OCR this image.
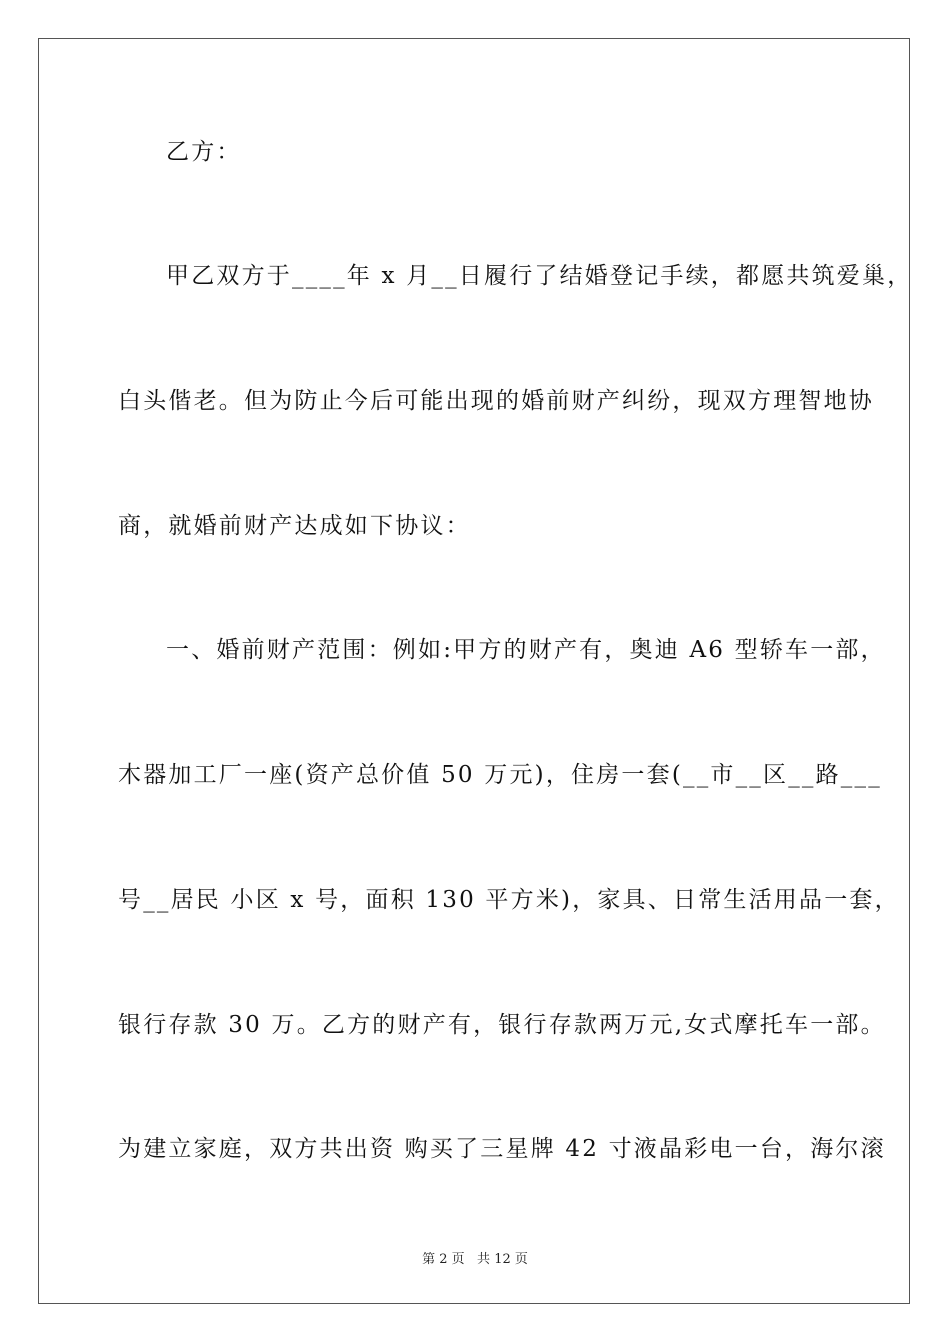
乙方：
甲乙双方于____年 x 月__日履行了结婚登记手续，都愿共筑爱巢，
白头偕老。但为防止今后可能出现的婚前财产纠纷，现双方理智地协
商，就婚前财产达成如下协议：
一、婚前财产范围：例如:甲方的财产有，奥迪 A6 型轿车一部，
木器加工厂一座(资产总价值 50 万元)，住房一套(__市__区__路___
号__居民 小区 x 号，面积 130 平方米)，家具、日常生活用品一套，
银行存款 30 万。乙方的财产有，银行存款两万元,女式摩托车一部。
为建立家庭，双方共出资 购买了三星牌 42 寸液晶彩电一台，海尔滚
第 2 页   共 12 页
